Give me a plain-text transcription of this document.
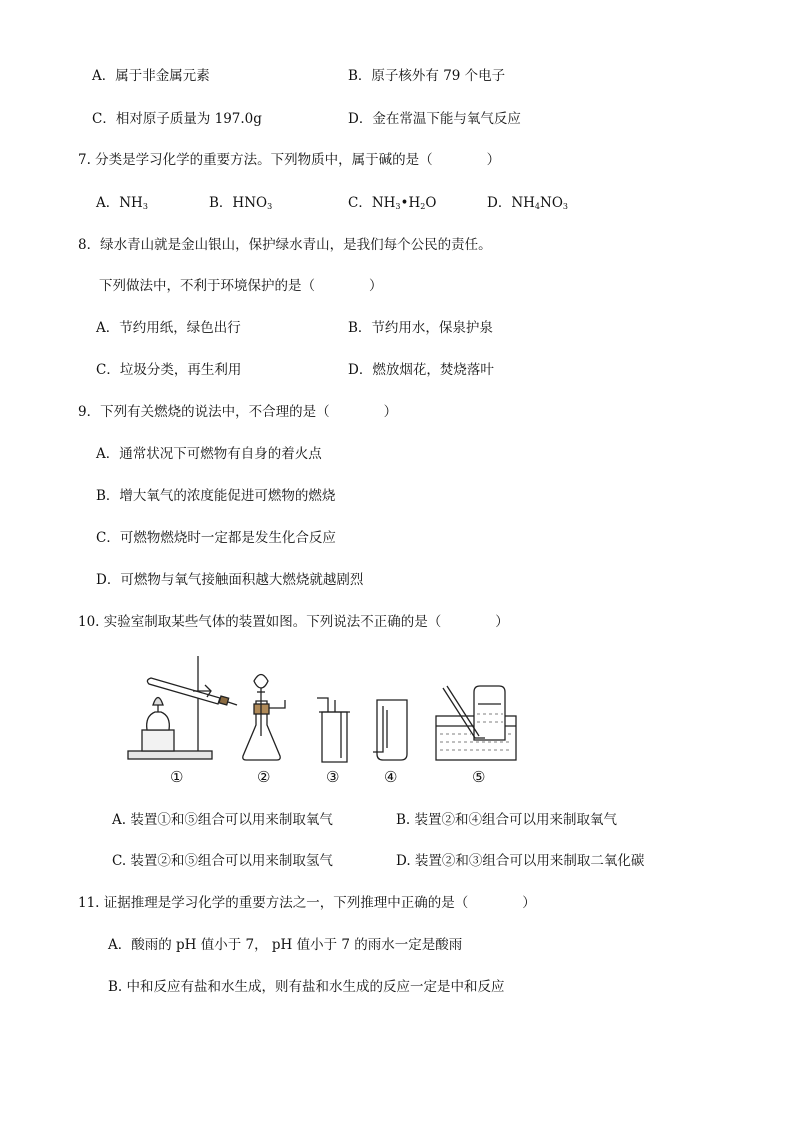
A．属于非金属元素	B．原子核外有 79 个电子
C．相对原子质量为 197.0g	D．金在常温下能与氧气反应
7. 分类是学习化学的重要方法。下列物质中，属于碱的是（　　　　）
A．$NH_3$	B．$HNO_3$	C．$NH_3•H_2O$	D．$NH_4NO_3$
8．绿水青山就是金山银山，保护绿水青山，是我们每个公民的责任。
下列做法中，不利于环境保护的是（　　　　）
A．节约用纸，绿色出行	B．节约用水，保泉护泉
C．垃圾分类，再生利用	D．燃放烟花，焚烧落叶
9．下列有关燃烧的说法中，不合理的是（　　　　）
A．通常状况下可燃物有自身的着火点
B．增大氧气的浓度能促进可燃物的燃烧
C．可燃物燃烧时一定都是发生化合反应
D．可燃物与氧气接触面积越大燃烧就越剧烈
10. 实验室制取某些气体的装置如图。下列说法不正确的是（　　　　）
①	②	③	④	⑤
A. 装置①和⑤组合可以用来制取氧气	B. 装置②和④组合可以用来制取氧气
C. 装置②和⑤组合可以用来制取氢气	D. 装置②和③组合可以用来制取二氧化碳
11. 证据推理是学习化学的重要方法之一，下列推理中正确的是（　　　　）
A．酸雨的 pH 值小于 7， pH 值小于 7 的雨水一定是酸雨
B. 中和反应有盐和水生成，则有盐和水生成的反应一定是中和反应
